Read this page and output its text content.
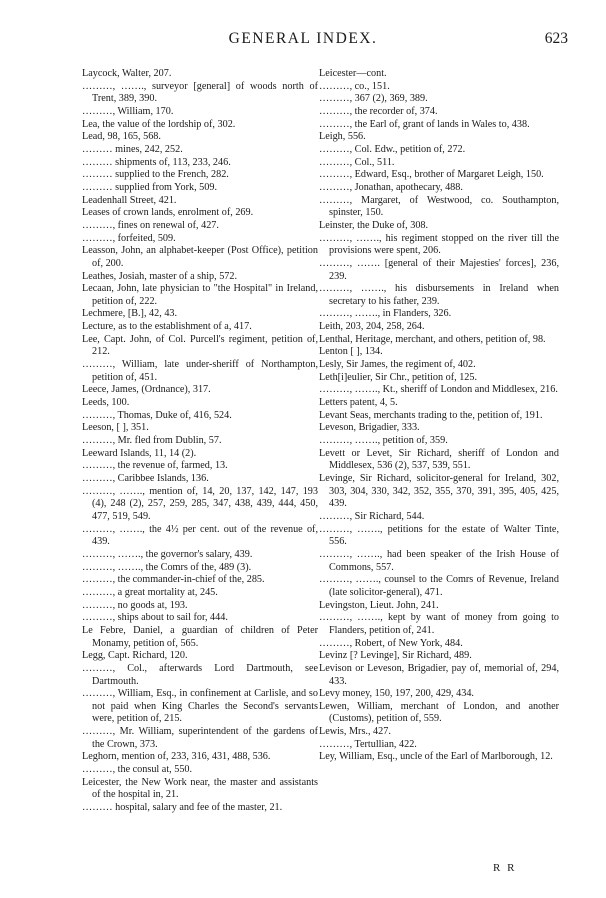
GENERAL INDEX.	623
Laycock, Walter, 207.
………, ……., surveyor [general] of woods north of Trent, 389, 390.
………, William, 170.
Lea, the value of the lordship of, 302.
Lead, 98, 165, 568.
……… mines, 242, 252.
……… shipments of, 113, 233, 246.
……… supplied to the French, 282.
……… supplied from York, 509.
Leadenhall Street, 421.
Leases of crown lands, enrolment of, 269.
………, fines on renewal of, 427.
………, forfeited, 509.
Leasson, John, an alphabet-keeper (Post Office), petition of, 200.
Leathes, Josiah, master of a ship, 572.
Lecaan, John, late physician to "the Hospital" in Ireland, petition of, 222.
Lechmere, [B.], 42, 43.
Lecture, as to the establishment of a, 417.
Lee, Capt. John, of Col. Purcell's regiment, petition of, 212.
………, William, late under-sheriff of Northampton, petition of, 451.
Leece, James, (Ordnance), 317.
Leeds, 100.
………, Thomas, Duke of, 416, 524.
Leeson, [ ], 351.
………, Mr. fled from Dublin, 57.
Leeward Islands, 11, 14 (2).
………, the revenue of, farmed, 13.
………, Caribbee Islands, 136.
………, ……., mention of, 14, 20, 137, 142, 147, 193 (4), 248 (2), 257, 259, 285, 347, 438, 439, 444, 450, 477, 519, 549.
………, ……., the 4½ per cent. out of the revenue of, 439.
………, ……., the governor's salary, 439.
………, ……., the Comrs of the, 489 (3).
………, the commander-in-chief of the, 285.
………, a great mortality at, 245.
………, no goods at, 193.
………, ships about to sail for, 444.
Le Febre, Daniel, a guardian of children of Peter Monamy, petition of, 565.
Legg, Capt. Richard, 120.
………, Col., afterwards Lord Dartmouth, see Dartmouth.
………, William, Esq., in confinement at Carlisle, and so not paid when King Charles the Second's servants were, petition of, 215.
………, Mr. William, superintendent of the gardens of the Crown, 373.
Leghorn, mention of, 233, 316, 431, 488, 536.
………, the consul at, 550.
Leicester, the New Work near, the master and assistants of the hospital in, 21.
……… hospital, salary and fee of the master, 21.
Leicester—cont.
………, co., 151.
………, 367 (2), 369, 389.
………, the recorder of, 374.
………, the Earl of, grant of lands in Wales to, 438.
Leigh, 556.
………, Col. Edw., petition of, 272.
………, Col., 511.
………, Edward, Esq., brother of Margaret Leigh, 150.
………, Jonathan, apothecary, 488.
………, Margaret, of Westwood, co. Southampton, spinster, 150.
Leinster, the Duke of, 308.
………, ……., his regiment stopped on the river till the provisions were spent, 206.
………, ……. [general of their Majesties' forces], 236, 239.
………, ……., his disbursements in Ireland when secretary to his father, 239.
………, ……., in Flanders, 326.
Leith, 203, 204, 258, 264.
Lenthal, Heritage, merchant, and others, petition of, 98.
Lenton [ ], 134.
Lesly, Sir James, the regiment of, 402.
Leth[i]eulier, Sir Chr., petition of, 125.
………, ……., Kt., sheriff of London and Middlesex, 216.
Letters patent, 4, 5.
Levant Seas, merchants trading to the, petition of, 191.
Leveson, Brigadier, 333.
………, ……., petition of, 359.
Levett or Levet, Sir Richard, sheriff of London and Middlesex, 536 (2), 537, 539, 551.
Levinge, Sir Richard, solicitor-general for Ireland, 302, 303, 304, 330, 342, 352, 355, 370, 391, 395, 405, 425, 439.
………, Sir Richard, 544.
………, ……., petitions for the estate of Walter Tinte, 556.
………, ……., had been speaker of the Irish House of Commons, 557.
………, ……., counsel to the Comrs of Revenue, Ireland (late solicitor-general), 471.
Levingston, Lieut. John, 241.
………, ……., kept by want of money from going to Flanders, petition of, 241.
………, Robert, of New York, 484.
Levinz [? Levinge], Sir Richard, 489.
Levison or Leveson, Brigadier, pay of, memorial of, 294, 433.
Levy money, 150, 197, 200, 429, 434.
Lewen, William, merchant of London, and another (Customs), petition of, 559.
Lewis, Mrs., 427.
………, Tertullian, 422.
Ley, William, Esq., uncle of the Earl of Marlborough, 12.
R R
